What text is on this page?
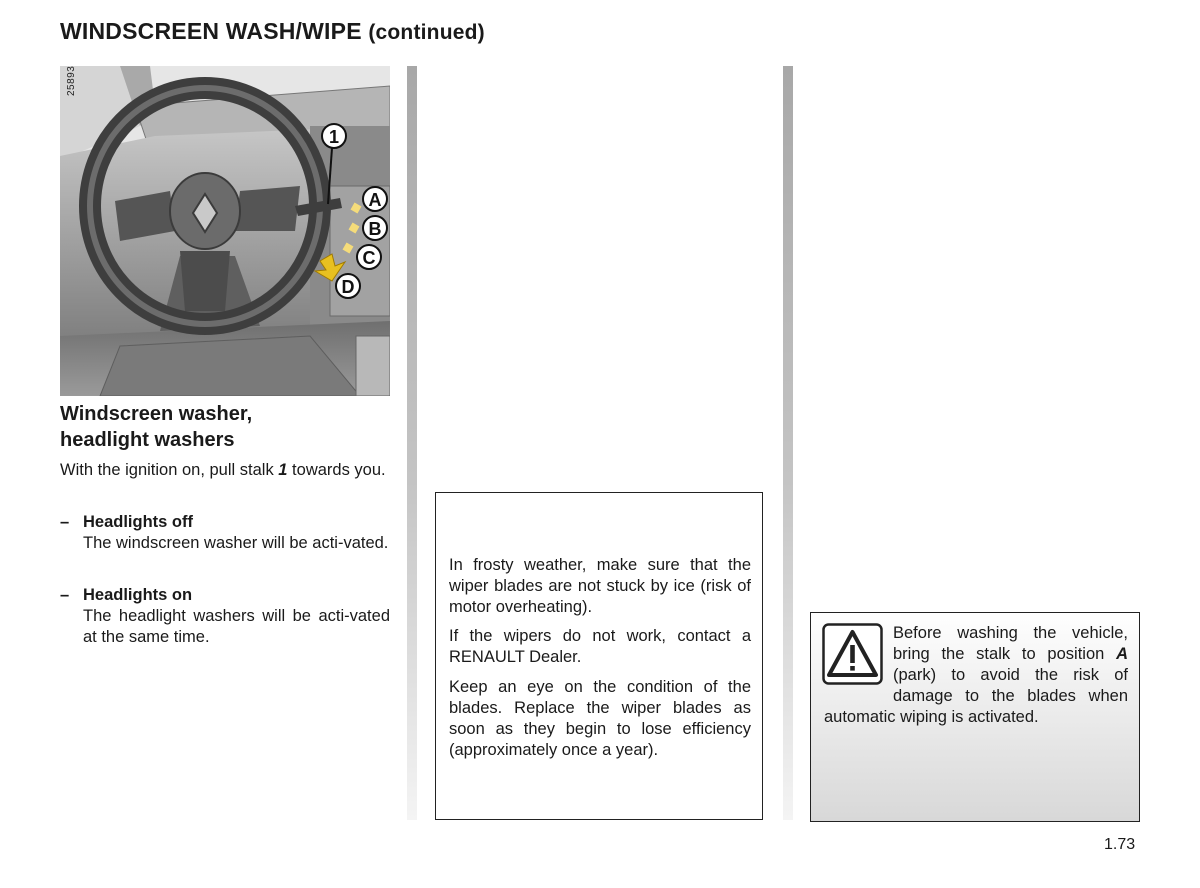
WINDSCREEN WASH/WIPE (continued)
1
A
B
C
D
25893
Windscreen washer,
headlight washers
With the ignition on, pull stalk 1 towards you.
– Headlights off
The windscreen washer will be acti-vated.
– Headlights on
The headlight washers will be acti-vated at the same time.

In frosty weather, make sure that the wiper blades are not stuck by ice (risk of motor overheating).

If the wipers do not work, contact a RENAULT Dealer.

Keep an eye on the condition of the blades. Replace the wiper blades as soon as they begin to lose efficiency (approximately once a year).

Before washing the vehicle, bring the stalk to position A (park) to avoid the risk of damage to the blades when automatic wiping is activated.

1.73
